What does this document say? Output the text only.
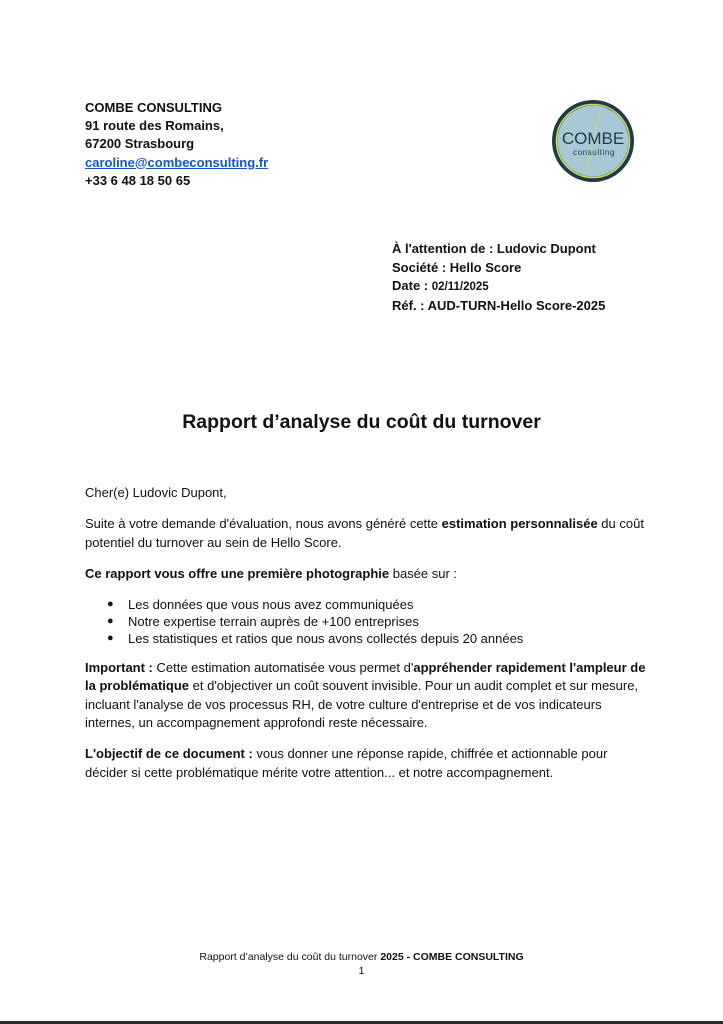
COMBE CONSULTING
91 route des Romains,
67200 Strasbourg
caroline@combeconsulting.fr
+33 6 48 18 50 65
COMBE
consulting
À l'attention de : Ludovic Dupont
Société : Hello Score
Date : 02/11/2025
Réf. : AUD-TURN-Hello Score-2025
Rapport d’analyse du coût du turnover

Cher(e) Ludovic Dupont,

Suite à votre demande d'évaluation, nous avons généré cette estimation personnalisée du coût potentiel du turnover au sein de Hello Score.

Ce rapport vous offre une première photographie basée sur :

● Les données que vous nous avez communiquées
● Notre expertise terrain auprès de +100 entreprises
● Les statistiques et ratios que nous avons collectés depuis 20 années

Important : Cette estimation automatisée vous permet d'appréhender rapidement l'ampleur de la problématique et d'objectiver un coût souvent invisible. Pour un audit complet et sur mesure, incluant l'analyse de vos processus RH, de votre culture d'entreprise et de vos indicateurs internes, un accompagnement approfondi reste nécessaire.

L'objectif de ce document : vous donner une réponse rapide, chiffrée et actionnable pour décider si cette problématique mérite votre attention... et notre accompagnement.

Rapport d’analyse du coût du turnover 2025 - COMBE CONSULTING
1
